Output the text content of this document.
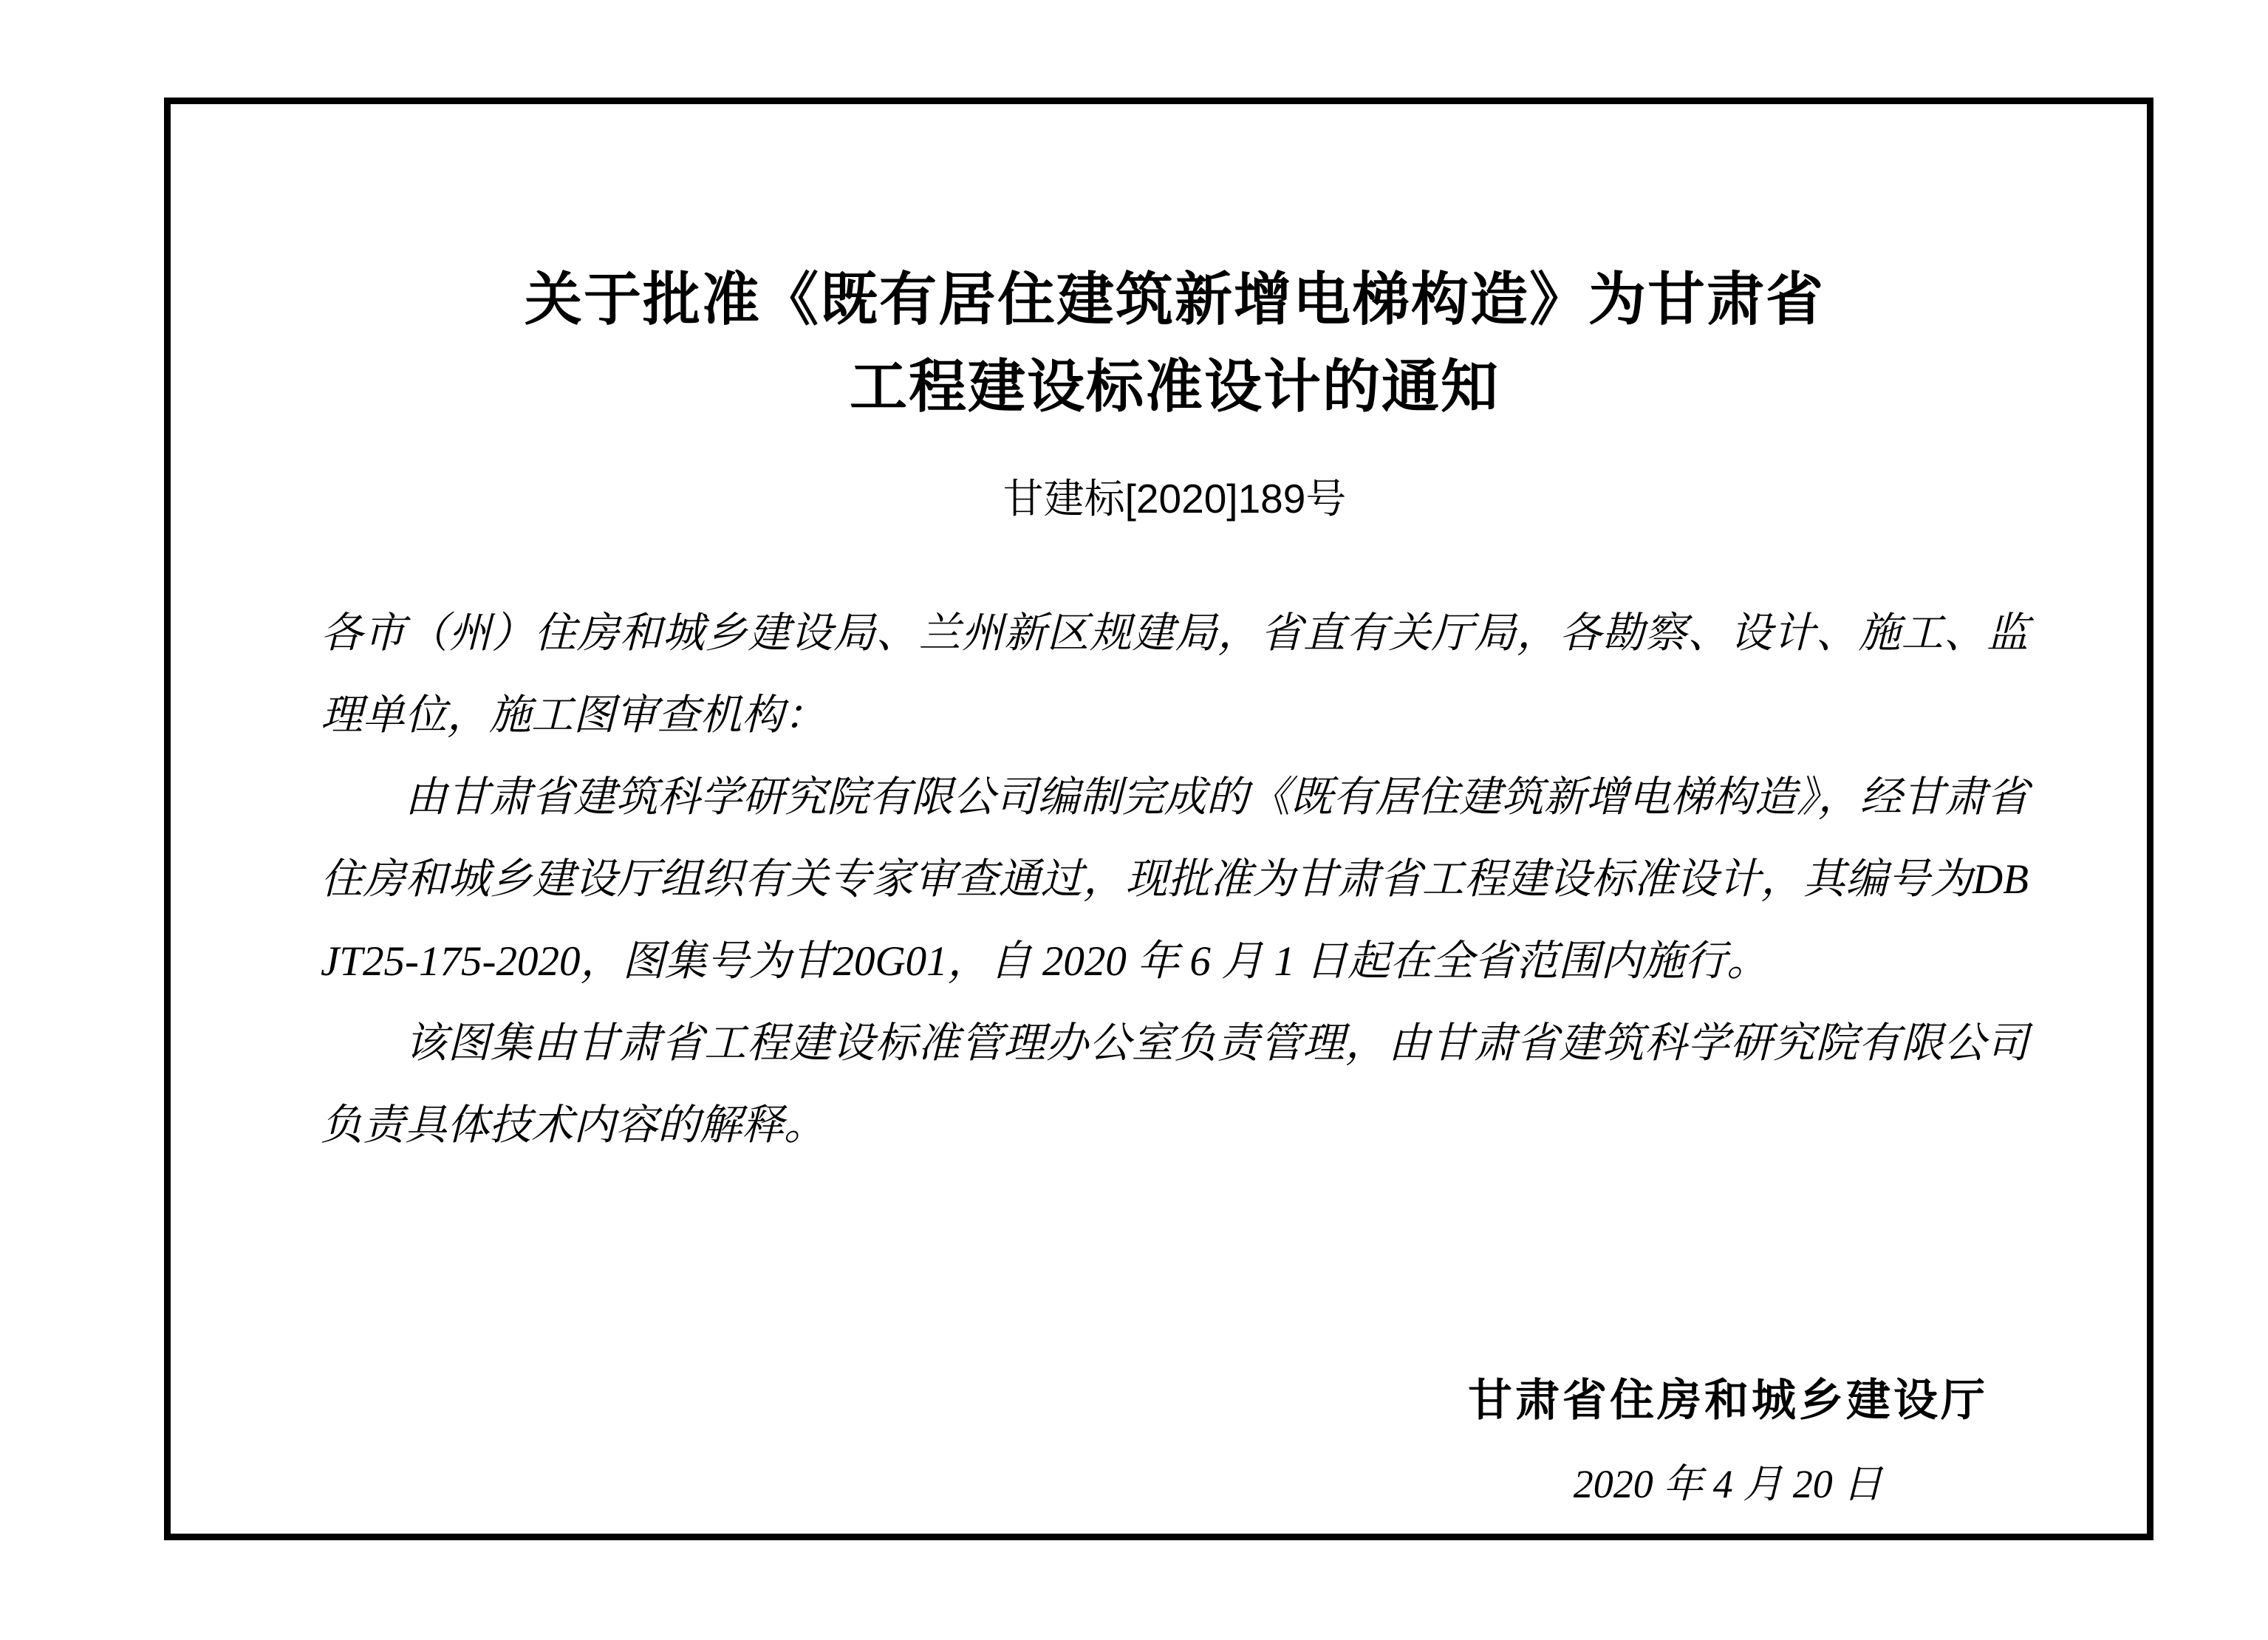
关于批准《既有居住建筑新增电梯构造》为甘肃省
工程建设标准设计的通知
甘建标[2020]189号

各市（州）住房和城乡建设局、兰州新区规建局，省直有关厅局，各勘察、设计、施工、监理单位，施工图审查机构：

由甘肃省建筑科学研究院有限公司编制完成的《既有居住建筑新增电梯构造》，经甘肃省住房和城乡建设厅组织有关专家审查通过，现批准为甘肃省工程建设标准设计，其编号为DBJT25-175-2020，图集号为甘20G01，自 2020 年 6 月 1 日起在全省范围内施行。

该图集由甘肃省工程建设标准管理办公室负责管理，由甘肃省建筑科学研究院有限公司负责具体技术内容的解释。

甘肃省住房和城乡建设厅
2020 年 4 月 20 日
